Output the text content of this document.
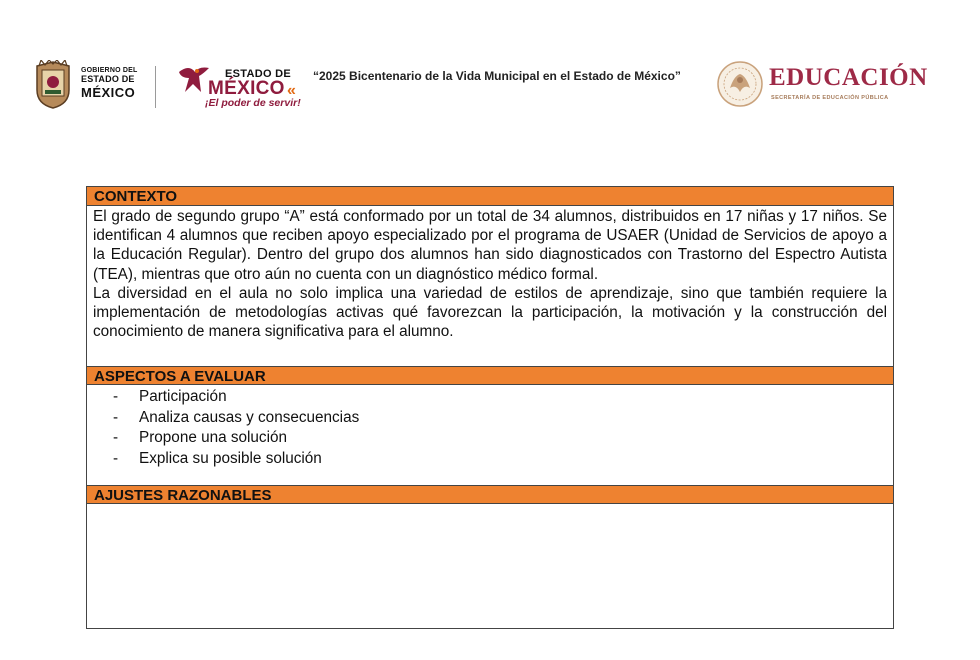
GOBIERNO DEL
ESTADO DE
MÉXICO
ESTADO DE
MÉXICO «
¡El poder de servir!
“2025 Bicentenario de la Vida Municipal en el Estado de México”	EDUCACIÓN
SECRETARÍA DE EDUCACIÓN PÚBLICA
CONTEXTO

El grado de segundo grupo “A” está conformado por un total de 34 alumnos, distribuidos en 17 niñas y 17 niños. Se identifican 4 alumnos que reciben apoyo especializado por el programa de USAER (Unidad de Servicios de apoyo a la Educación Regular). Dentro del grupo dos alumnos han sido diagnosticados con Trastorno del Espectro Autista (TEA), mientras que otro aún no cuenta con un diagnóstico médico formal.

La diversidad en el aula no solo implica una variedad de estilos de aprendizaje, sino que también requiere la implementación de metodologías activas qué favorezcan la participación, la motivación y la construcción del conocimiento de manera significativa para el alumno.

ASPECTOS A EVALUAR
- Participación
- Analiza causas y consecuencias
- Propone una solución
- Explica su posible solución
AJUSTES RAZONABLES
